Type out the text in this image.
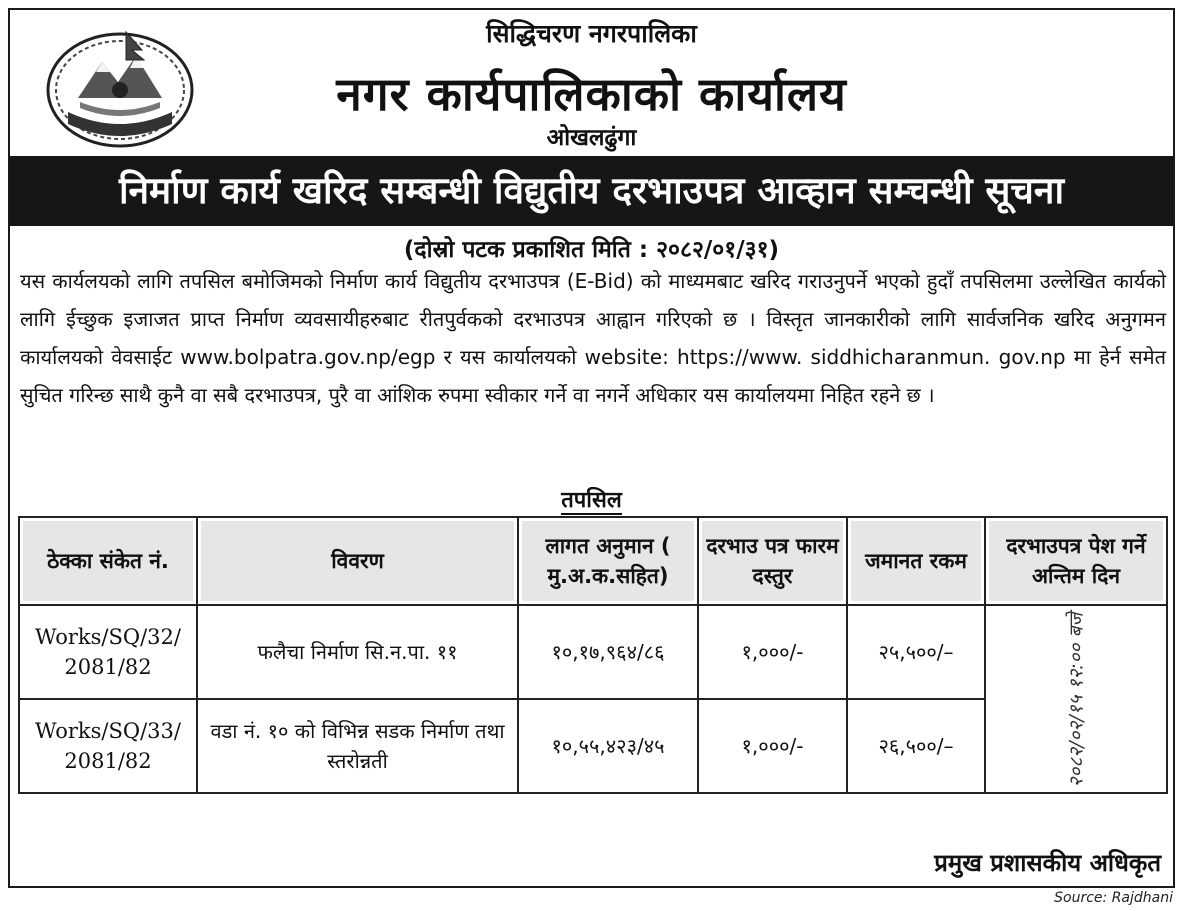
सिद्धिचरण नगरपालिका
नगर कार्यपालिकाको कार्यालय
ओखलढुंगा
निर्माण कार्य खरिद सम्बन्धी विद्युतीय दरभाउपत्र आव्हान सम्चन्धी सूचना
(दोस्रो पटक प्रकाशित मिति : २०८२/०१/३१)
यस कार्यलयको लागि तपसिल बमोजिमको निर्माण कार्य विद्युतीय दरभाउपत्र (E-Bid) को माध्यमबाट खरिद गराउनुपर्ने भएको हुदाँ तपसिलमा उल्लेखित कार्यको लागि ईच्छुक इजाजत प्राप्त निर्माण व्यवसायीहरुबाट रीतपुर्वकको दरभाउपत्र आह्वान गरिएको छ । विस्तृत जानकारीको लागि सार्वजनिक खरिद अनुगमन कार्यालयको वेवसाईट www.bolpatra.gov.np/egp र यस कार्यालयको website: https://www. siddhicharanmun. gov.np मा हेर्न समेत सुचित गरिन्छ साथै कुनै वा सबै दरभाउपत्र, पुरै वा आंशिक रुपमा स्वीकार गर्ने वा नगर्ने अधिकार यस कार्यालयमा निहित रहने छ ।
तपसिल
ठेक्का संकेत नं.	विवरण	लागत अनुमान ( मु.अ.क.सहित)	दरभाउ पत्र फारम दस्तुर	जमानत रकम	दरभाउपत्र पेश गर्ने अन्तिम दिन
Works/SQ/32/ 2081/82	फलैचा निर्माण सि.न.पा. ११	१०,१७,९६४/८६	१,०००/-	२५,५००/–	२०८२/०२/१५ १२:०० बजे
Works/SQ/33/ 2081/82	वडा नं. १० को विभिन्न सडक निर्माण तथा स्तरोन्नती	१०,५५,४२३/४५	१,०००/-	२६,५००/–	
प्रमुख प्रशासकीय अधिकृत
Source: Rajdhani
